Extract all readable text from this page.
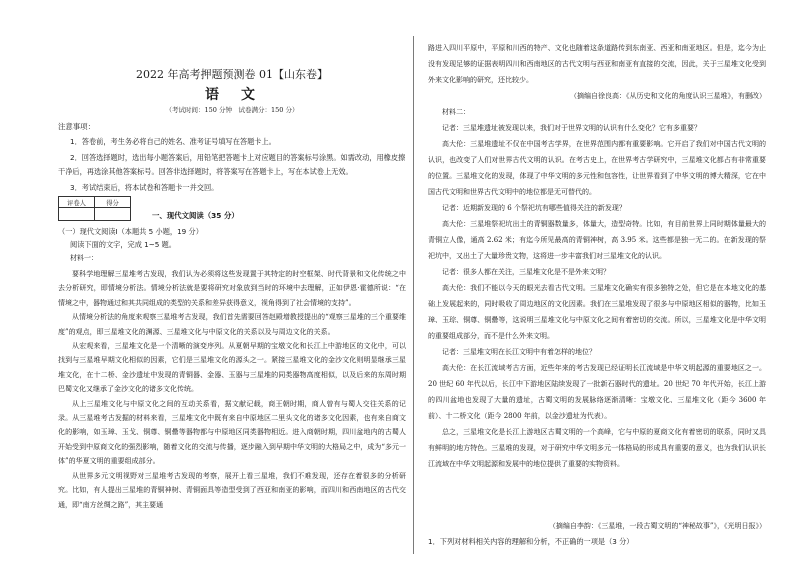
2022 年高考押题预测卷 01【山东卷】
语　文
（考试时间：150 分钟　试卷满分：150 分）
注意事项：

1．答卷前，考生务必将自己的姓名、准考证号填写在答题卡上。

2．回答选择题时，选出每小题答案后，用铅笔把答题卡上对应题目的答案标号涂黑。如需改动，用橡皮擦干净后，再选涂其他答案标号。回答非选择题时，将答案写在答题卡上，写在本试卷上无效。

3．考试结束后，将本试卷和答题卡一并交回。

评卷人	得分

一、现代文阅读（35 分）
（一）现代文阅读Ⅰ（本题共 5 小题，19 分）
阅读下面的文字，完成 1~5 题。
材料一：

要科学地理解三星堆考古发现，我们认为必须将这些发现置于其特定的时空框架、时代背景和文化传统之中去分析研究，即情境分析法。情境分析法就是要将研究对象放到当时的环境中去理解，正如伊恩·霍德所说：“在情境之中，器物通过和其共同组成的类型的关系和差异获得意义，视角得到了社会情境的支持”。

从情境分析法的角度来观察三星堆考古发现，我们首先需要回答赵殿增教授提出的“观察三星堆的三个重要维度”的观点，即三星堆文化的渊源、三星堆文化与中原文化的关系以及与周边文化的关系。

从宏观来看，三星堆文化是一个清晰的演变序列。从夏朝早期的宝墩文化和长江上中游地区的文化中，可以找到与三星堆早期文化相似的因素，它们是三星堆文化的源头之一。紧接三星堆文化的金沙文化则明显继承三星堆文化，在十二桥、金沙遗址中发现的青铜器、金器、玉器与三星堆的同类器物高度相似，以及后来的东周时期巴蜀文化又继承了金沙文化的诸多文化传统。

从上三星堆文化与中原文化之间的互动关系看，据文献记载，商王朝时期，商人曾有与蜀人交往关系的记录。从三星堆考古发掘的材料来看，三星堆文化中既有来自中原地区二里头文化的诸多文化因素，也有来自商文化的影响，如玉璋、玉戈、铜尊、铜罍等器物都与中原地区同类器物相近。进入商朝时期，四川盆地内的古蜀人开始受到中原商文化的强烈影响，随着文化的交流与传播，逐步融入到早期中华文明的大格局之中，成为“多元一体”的华夏文明的重要组成部分。

从世界多元文明视野对三星堆考古发现的考察，展开上看三星堆，我们不难发现，还存在着很多的分析研究。比如，有人提出三星堆的青铜神树、青铜面具等造型受到了西亚和南亚的影响，而四川和西南地区的古代交通，即“南方丝绸之路”，其主要通

路进入四川平原中，平原和川西的特产、文化也随着这条道路传到东南亚、西亚和南亚地区。但是，迄今为止没有发现足够的证据表明四川和西南地区的古代文明与西亚和南亚有直接的交流，因此，关于三星堆文化受到外来文化影响的研究，还比较少。

（摘编自徐良高：《从历史和文化的角度认识三星堆》，有删改）

材料二：

记者：三星堆遗址被发现以来，我们对于世界文明的认识有什么变化？它有多重要？

高大伦：三星堆遗址不仅在中国考古学界，在世界范围内都有重要影响。它开启了我们对中国古代文明的认识，也改变了人们对世界古代文明的认识。在考古史上，在世界考古学研究中，三星堆文化都占有非常重要的位置。三星堆文化的发现，体现了中华文明的多元性和包容性，让世界看到了中华文明的博大精深，它在中国古代文明和世界古代文明中的地位都是无可替代的。

记者：近期新发现的 6 个祭祀坑有哪些值得关注的新发现？

高大伦：三星堆祭祀坑出土的青铜器数量多，体量大，造型奇特。比如，有目前世界上同时期体量最大的青铜立人像，通高 2.62 米；有迄今所见最高的青铜神树，高 3.95 米。这些都是独一无二的。在新发现的祭祀坑中，又出土了大量珍贵文物，这将进一步丰富我们对三星堆文化的认识。

记者：很多人都在关注，三星堆文化是不是外来文明？

高大伦：我们不能以今天的眼光去看古代文明。三星堆文化确实有很多独特之处，但它是在本地文化的基础上发展起来的，同时吸收了周边地区的文化因素。我们在三星堆发现了很多与中原地区相似的器物，比如玉璋、玉琮、铜尊、铜罍等，这说明三星堆文化与中原文化之间有着密切的交流。所以，三星堆文化是中华文明的重要组成部分，而不是什么外来文明。

记者：三星堆文明在长江文明中有着怎样的地位？

高大伦：在长江流域考古方面，近些年来的考古发现已经证明长江流域是中华文明起源的重要地区之一。20 世纪 60 年代以后，长江中下游地区陆续发现了一批新石器时代的遗址。20 世纪 70 年代开始，长江上游的四川盆地也发现了大量的遗址，古蜀文明的发展脉络逐渐清晰：宝墩文化、三星堆文化（距今 3600 年前）、十二桥文化（距今 2800 年前，以金沙遗址为代表）。

总之，三星堆文化是长江上游地区古蜀文明的一个高峰，它与中原的夏商文化有着密切的联系，同时又具有鲜明的地方特色。三星堆的发现，对于研究中华文明多元一体格局的形成具有重要的意义，也为我们认识长江流域在中华文明起源和发展中的地位提供了重要的实物资料。

（摘编自李韵：《三星堆，一段古蜀文明的“神秘故事”》，《光明日报》）
1．下列对材料相关内容的理解和分析，不正确的一项是（3 分）
